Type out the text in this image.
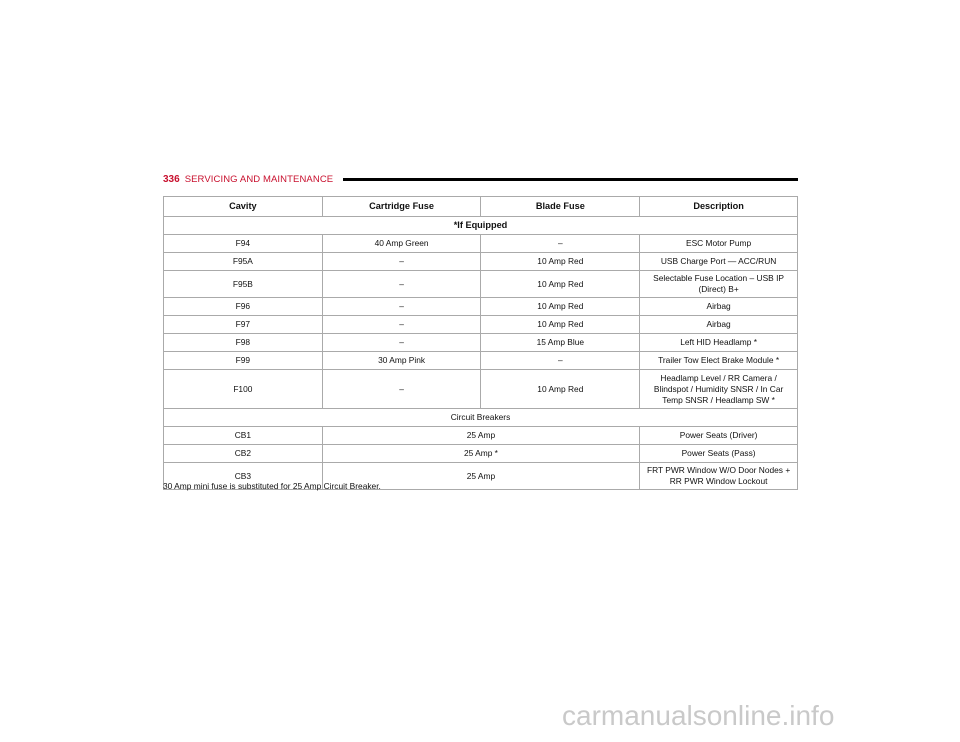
336 SERVICING AND MAINTENANCE
Cavity	Cartridge Fuse	Blade Fuse	Description
*If Equipped			
F94	40 Amp Green	–	ESC Motor Pump
F95A	–	10 Amp Red	USB Charge Port — ACC/RUN
F95B	–	10 Amp Red	Selectable Fuse Location – USB IP (Direct) B+
F96	–	10 Amp Red	Airbag
F97	–	10 Amp Red	Airbag
F98	–	15 Amp Blue	Left HID Headlamp *
F99	30 Amp Pink	–	Trailer Tow Elect Brake Module *
F100	–	10 Amp Red	Headlamp Level / RR Camera / Blindspot / Humidity SNSR / In Car Temp SNSR / Headlamp SW *
Circuit Breakers			
CB1	25 Amp		Power Seats (Driver)
CB2	25 Amp *		Power Seats (Pass)
CB3	25 Amp		FRT PWR Window W/O Door Nodes + RR PWR Window Lockout
30 Amp mini fuse is substituted for 25 Amp Circuit Breaker.
carmanualsonline.info
